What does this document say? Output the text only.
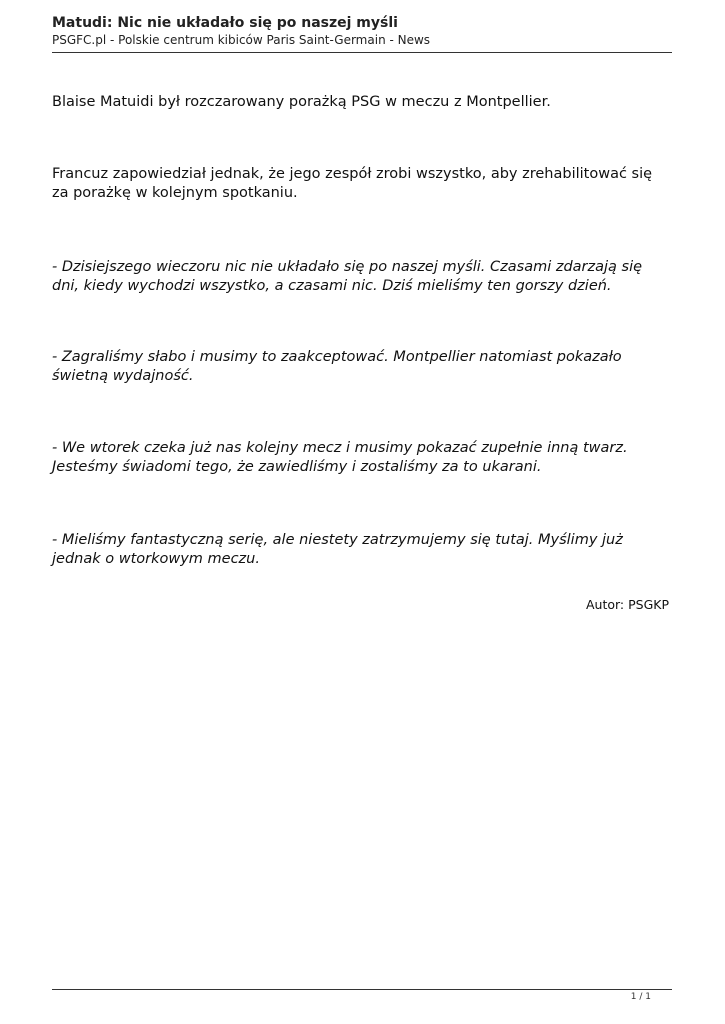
Matudi: Nic nie układało się po naszej myśli
PSGFC.pl - Polskie centrum kibiców Paris Saint-Germain - News

Blaise Matuidi był rozczarowany porażką PSG w meczu z Montpellier.

Francuz zapowiedział jednak, że jego zespół zrobi wszystko, aby zrehabilitować się za porażkę w kolejnym spotkaniu.

- Dzisiejszego wieczoru nic nie układało się po naszej myśli. Czasami zdarzają się dni, kiedy wychodzi wszystko, a czasami nic. Dziś mieliśmy ten gorszy dzień.

- Zagraliśmy słabo i musimy to zaakceptować. Montpellier natomiast pokazało świetną wydajność.

- We wtorek czeka już nas kolejny mecz i musimy pokazać zupełnie inną twarz. Jesteśmy świadomi tego, że zawiedliśmy i zostaliśmy za to ukarani.

- Mieliśmy fantastyczną serię, ale niestety zatrzymujemy się tutaj. Myślimy już jednak o wtorkowym meczu.

Autor: PSGKP
1 / 1
